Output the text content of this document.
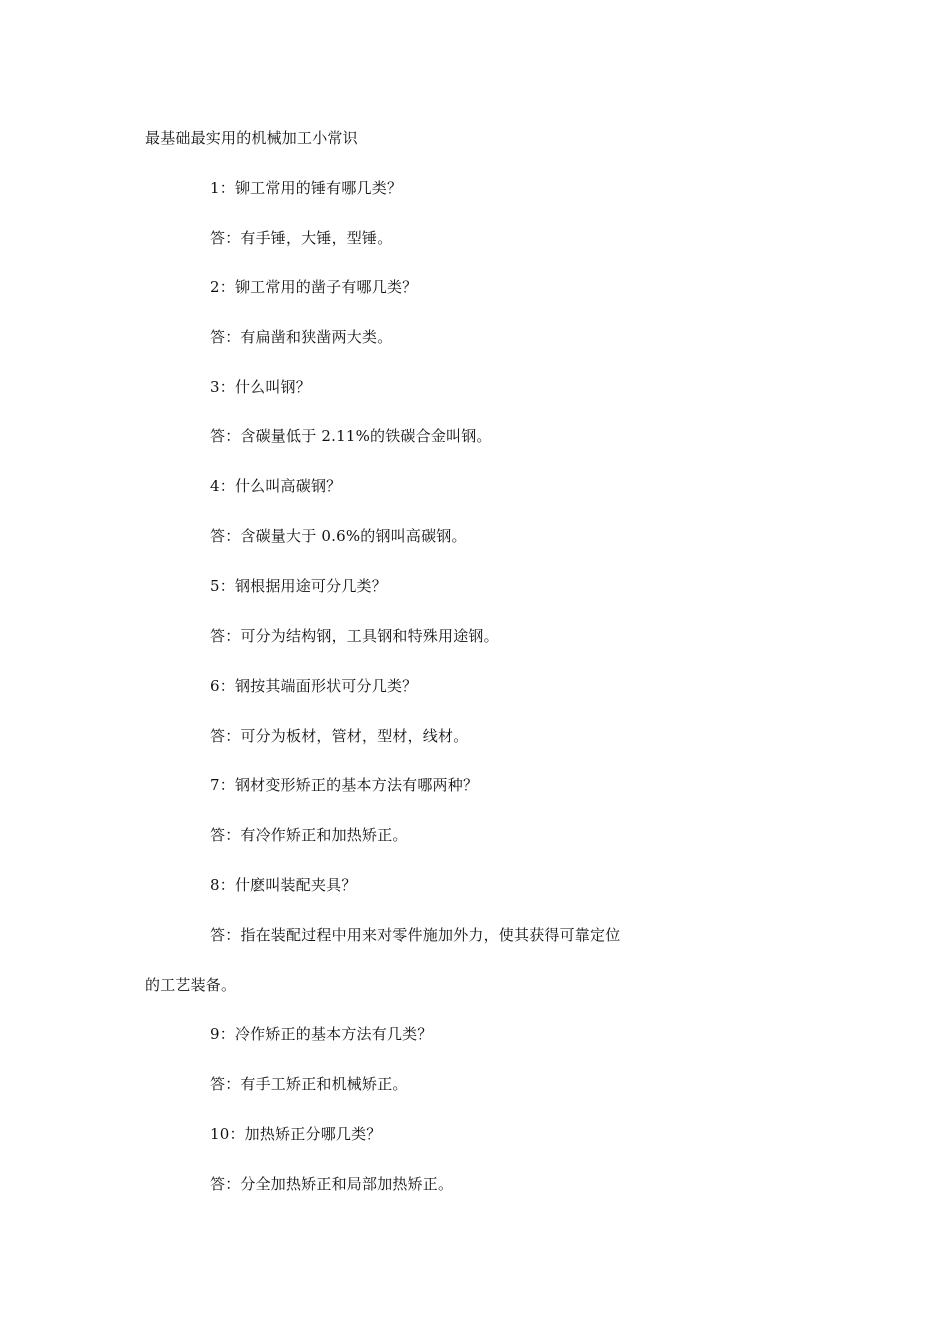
最基础最实用的机械加工小常识
1：铆工常用的锤有哪几类？
答：有手锤，大锤，型锤。
2：铆工常用的凿子有哪几类？
答：有扁凿和狭凿两大类。
3：什么叫钢？
答：含碳量低于 2.11%的铁碳合金叫钢。
4：什么叫高碳钢？
答：含碳量大于 0.6%的钢叫高碳钢。
5：钢根据用途可分几类？
答：可分为结构钢，工具钢和特殊用途钢。
6：钢按其端面形状可分几类？
答：可分为板材，管材，型材，线材。
7：钢材变形矫正的基本方法有哪两种？
答：有冷作矫正和加热矫正。
8：什麽叫装配夹具？
答：指在装配过程中用来对零件施加外力，使其获得可靠定位
的工艺装备。
9：冷作矫正的基本方法有几类？
答：有手工矫正和机械矫正。
10：加热矫正分哪几类？
答：分全加热矫正和局部加热矫正。
